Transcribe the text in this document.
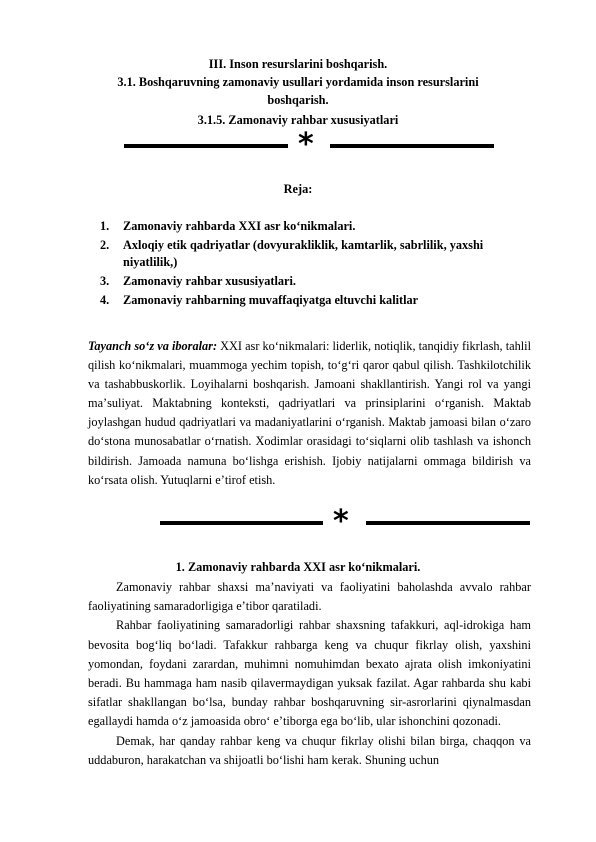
III. Inson resurslarini boshqarish.
3.1. Boshqaruvning zamonaviy usullari yordamida inson resurslarini
boshqarish.
3.1.5. Zamonaviy rahbar xususiyatlari
*
Reja:
1. Zamonaviy rahbarda XXI asr koʻnikmalari.
2. Axloqiy etik qadriyatlar (dovyurakliklik, kamtarlik, sabrlilik, yaxshi niyatlilik,)
3. Zamonaviy rahbar xususiyatlari.
4. Zamonaviy rahbarning muvaffaqiyatga eltuvchi kalitlar

Tayanch soʻz va iboralar: XXI asr koʻnikmalari: liderlik, notiqlik, tanqidiy fikrlash, tahlil qilish koʻnikmalari, muammoga yechim topish, toʻgʻri qaror qabul qilish. Tashkilotchilik va tashabbuskorlik. Loyihalarni boshqarish. Jamoani shakllantirish. Yangi rol va yangi maʼsuliyat. Maktabning konteksti, qadriyatlari va prinsiplarini oʻrganish. Maktab joylashgan hudud qadriyatlari va madaniyatlarini oʻrganish. Maktab jamoasi bilan oʻzaro doʻstona munosabatlar oʻrnatish. Xodimlar orasidagi toʻsiqlarni olib tashlash va ishonch bildirish. Jamoada namuna boʻlishga erishish. Ijobiy natijalarni ommaga bildirish va koʻrsata olish. Yutuqlarni eʼtirof etish.

*
1. Zamonaviy rahbarda XXI asr koʻnikmalari.

Zamonaviy rahbar shaxsi maʼnaviyati va faoliyatini baholashda avvalo rahbar faoliyatining samaradorligiga eʼtibor qaratiladi.

Rahbar faoliyatining samaradorligi rahbar shaxsning tafakkuri, aql-idrokiga ham bevosita bogʻliq boʻladi. Tafakkur rahbarga keng va chuqur fikrlay olish, yaxshini yomondan, foydani zarardan, muhimni nomuhimdan bexato ajrata olish imkoniyatini beradi. Bu hammaga ham nasib qilavermaydigan yuksak fazilat. Agar rahbarda shu kabi sifatlar shakllangan boʻlsa, bunday rahbar boshqaruvning sir-asrorlarini qiynalmasdan egallaydi hamda oʻz jamoasida obroʻ eʼtiborga ega boʻlib, ular ishonchini qozonadi.

Demak, har qanday rahbar keng va chuqur fikrlay olishi bilan birga, chaqqon va uddaburon, harakatchan va shijoatli boʻlishi ham kerak. Shuning uchun
